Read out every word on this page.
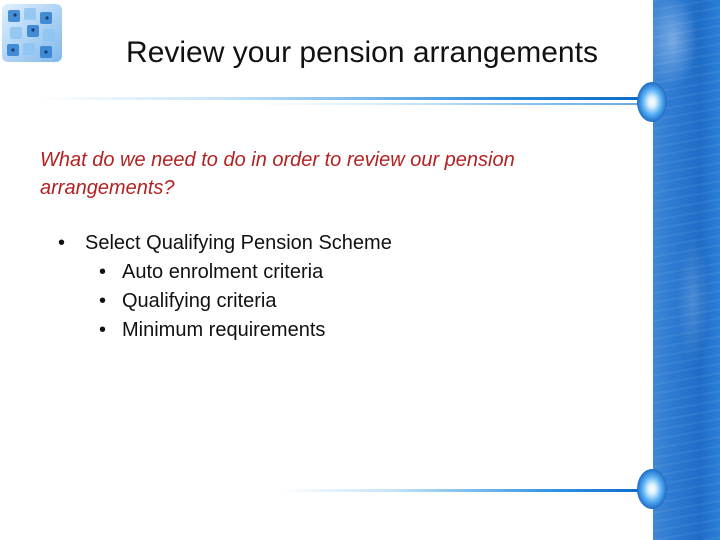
Review your pension arrangements
What do we need to do in order to review our pension arrangements?
• Select Qualifying Pension Scheme
• Auto enrolment criteria
• Qualifying criteria
• Minimum requirements
